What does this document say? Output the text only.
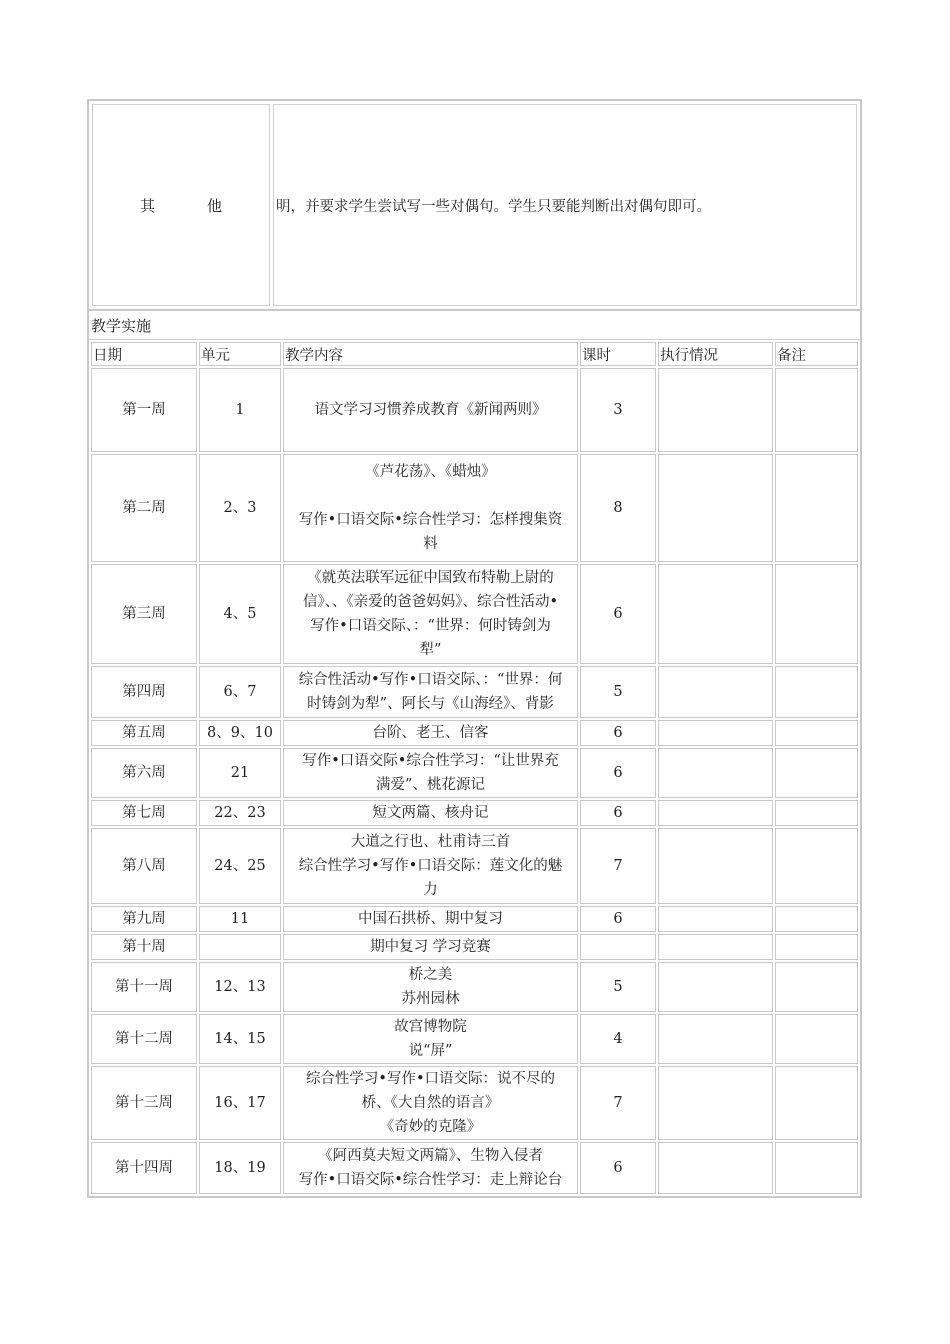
其	他	明，并要求学生尝试写一些对偶句。学生只要能判断出对偶句即可。
教学实施
日期	单元	教学内容	课时	执行情况	备注
第一周	1	语文学习习惯养成教育《新闻两则》	3		
第二周	2、3	《芦花荡》、《蜡烛》

写作•口语交际•综合性学习：怎样搜集资
料	8		
第三周	4、5	《就英法联军远征中国致布特勒上尉的
信》、、《亲爱的爸爸妈妈》、综合性活动•
写作•口语交际、：“世界：何时铸剑为
犁”	6		
第四周	6、7	综合性活动•写作•口语交际、：“世界：何
时铸剑为犁”、阿长与《山海经》、背影	5		
第五周	8、9、10	台阶、老王、信客	6		
第六周	21	写作•口语交际•综合性学习：“让世界充
满爱”、桃花源记	6		
第七周	22、23	短文两篇、核舟记	6		
第八周	24、25	大道之行也、杜甫诗三首
综合性学习•写作•口语交际：莲文化的魅
力	7		
第九周	11	中国石拱桥、期中复习	6		
第十周		期中复习 学习竞赛			

第十一周	12、13	桥之美
苏州园林	5		
第十二周	14、15	故宫博物院
说“屏”	4		
第十三周	16、17	综合性学习•写作•口语交际：说不尽的
桥、《大自然的语言》
《奇妙的克隆》	7		
第十四周	18、19	《阿西莫夫短文两篇》、生物入侵者
写作•口语交际•综合性学习：走上辩论台	6		
